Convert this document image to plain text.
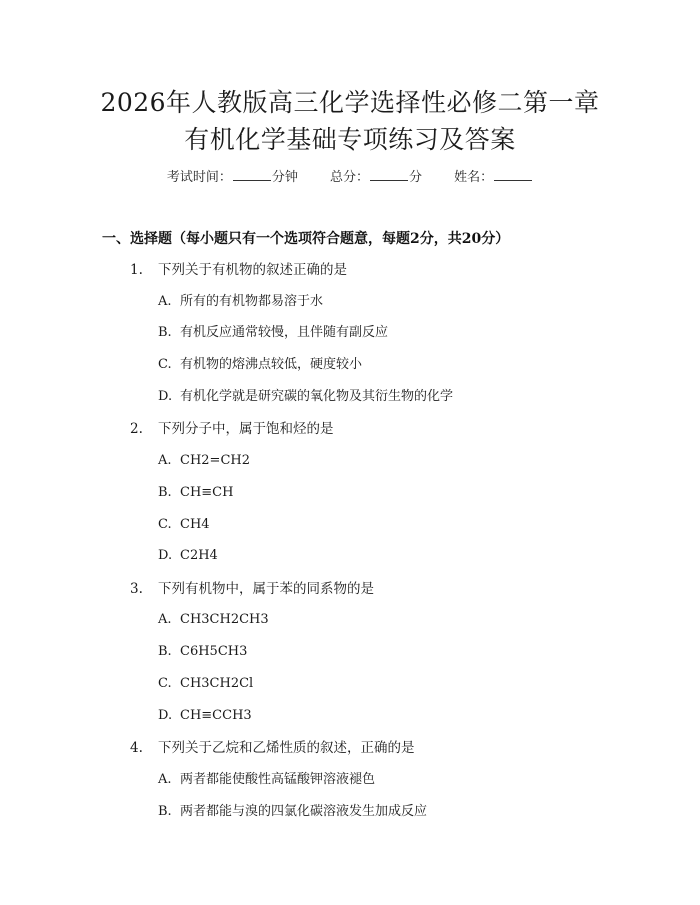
2026年人教版高三化学选择性必修二第一章
有机化学基础专项练习及答案
考试时间：	分钟 总分：	分 姓名：
一、选择题（每小题只有一个选项符合题意，每题2分，共20分）
1. 下列关于有机物的叙述正确的是
A. 所有的有机物都易溶于水
B. 有机反应通常较慢，且伴随有副反应
C. 有机物的熔沸点较低，硬度较小
D. 有机化学就是研究碳的氧化物及其衍生物的化学
2. 下列分子中，属于饱和烃的是
A. CH2=CH2
B. CH≡CH
C. CH4
D. C2H4
3. 下列有机物中，属于苯的同系物的是
A. CH3CH2CH3
B. C6H5CH3
C. CH3CH2Cl
D. CH≡CCH3
4. 下列关于乙烷和乙烯性质的叙述，正确的是
A. 两者都能使酸性高锰酸钾溶液褪色
B. 两者都能与溴的四氯化碳溶液发生加成反应
